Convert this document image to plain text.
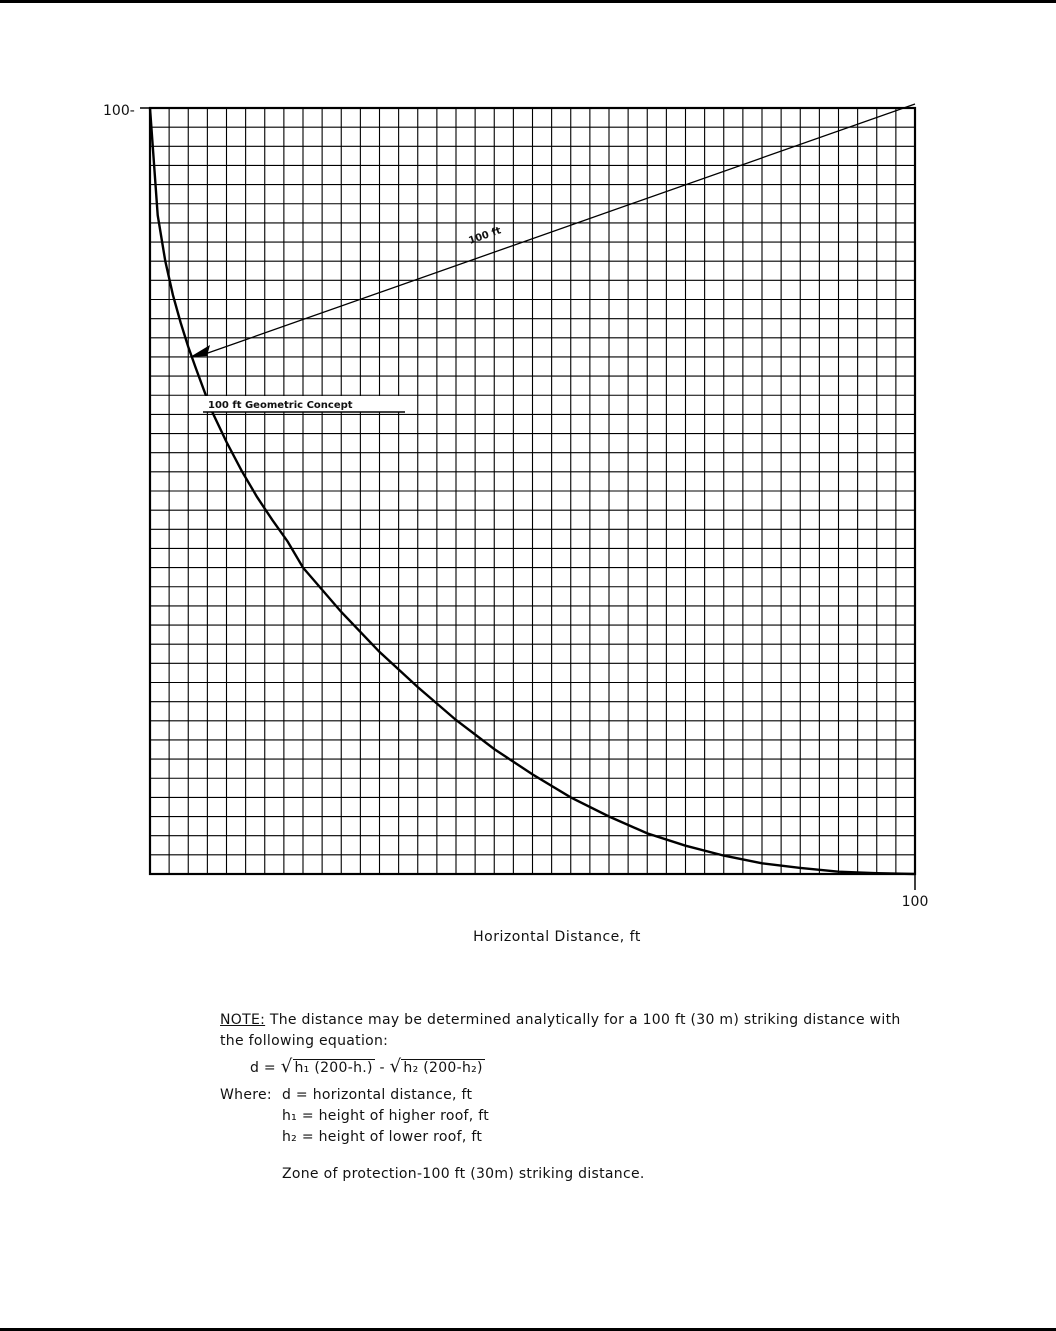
100-
100
100 ft
100 ft Geometric Concept
Horizontal Distance, ft

NOTE: The distance may be determined analytically for a 100 ft (30 m) striking distance with the following equation:

d = √ h₁ (200-h.) - √ h₂ (200-h₂)

Where: d = horizontal distance, ft

h₁ = height of higher roof, ft

h₂ = height of lower roof, ft

Zone of protection-100 ft (30m) striking distance.
